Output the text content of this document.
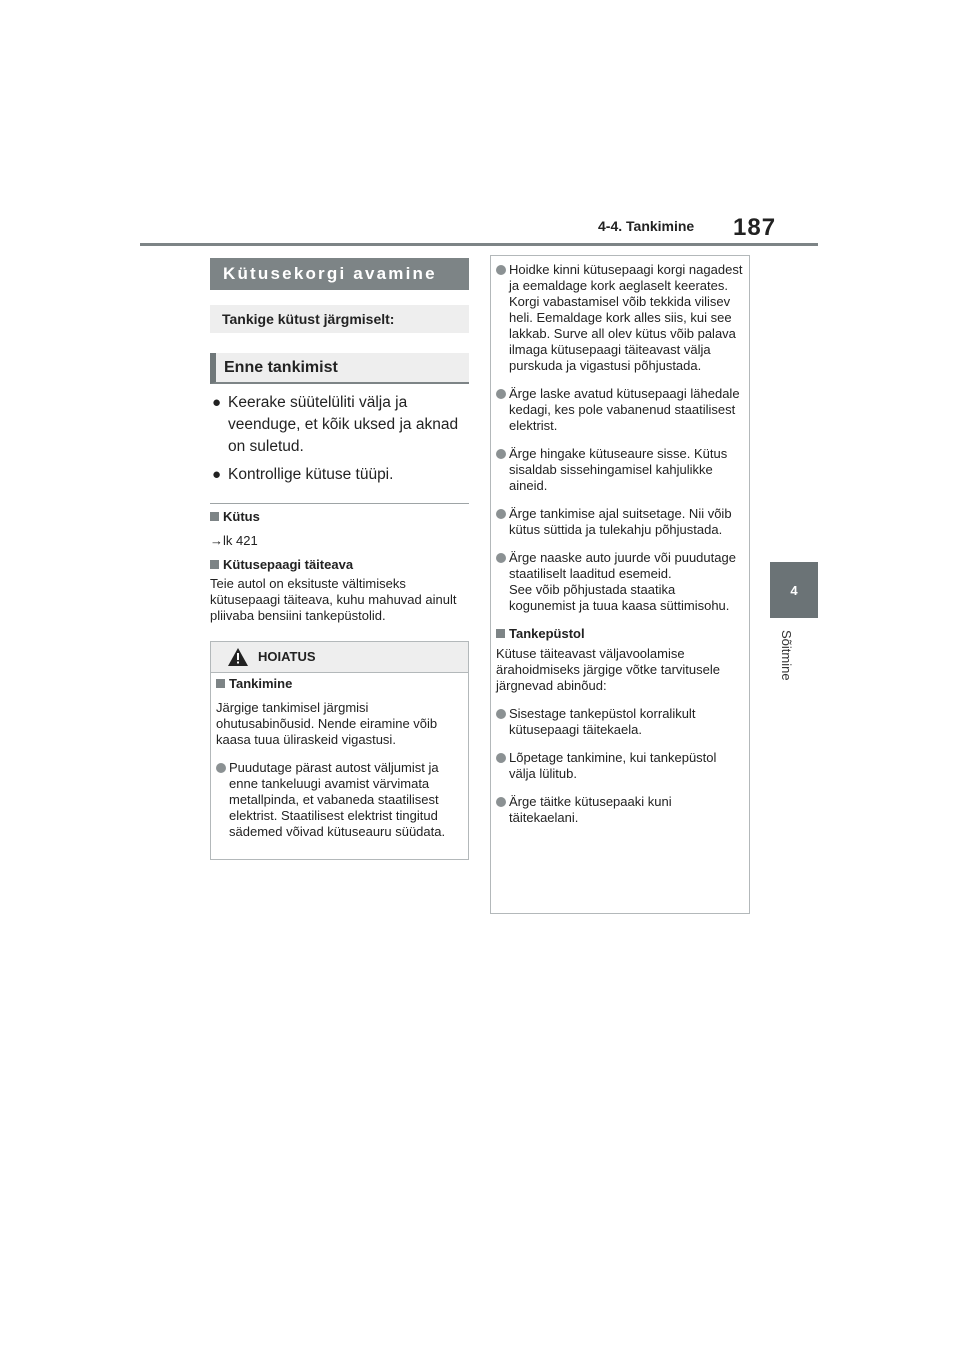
4-4. Tankimine 187
4
Sõitmine
Kütusekorgi avamine
Tankige kütust järgmiselt:
Enne tankimist
● Keerake süütelüliti välja ja veenduge, et kõik uksed ja aknad on suletud.
● Kontrollige kütuse tüüpi.
Kütus
→lk 421
Kütusepaagi täiteava
Teie autol on eksituste vältimiseks kütusepaagi täiteava, kuhu mahuvad ainult pliivaba bensiini tankepüstolid.
HOIATUS
Tankimine
Järgige tankimisel järgmisi ohutusabinõusid. Nende eiramine võib kaasa tuua üliraskeid vigastusi.
Puudutage pärast autost väljumist ja enne tankeluugi avamist värvimata metallpinda, et vabaneda staatilisest elektrist. Staatilisest elektrist tingitud sädemed võivad kütuseauru süüdata.
Hoidke kinni kütusepaagi korgi nagadest ja eemaldage kork aeglaselt keerates.
Korgi vabastamisel võib tekkida vilisev heli. Eemaldage kork alles siis, kui see lakkab. Surve all olev kütus võib palava ilmaga kütusepaagi täiteavast välja purskuda ja vigastusi põhjustada.
Ärge laske avatud kütusepaagi lähedale kedagi, kes pole vabanenud staatilisest elektrist.
Ärge hingake kütuseaure sisse. Kütus sisaldab sissehingamisel kahjulikke aineid.
Ärge tankimise ajal suitsetage. Nii võib kütus süttida ja tulekahju põhjustada.
Ärge naaske auto juurde või puudutage staatiliselt laaditud esemeid.
See võib põhjustada staatika kogunemist ja tuua kaasa süttimisohu.
Tankepüstol
Kütuse täiteavast väljavoolamise ärahoidmiseks järgige võtke tarvitusele järgnevad abinõud:
Sisestage tankepüstol korralikult kütusepaagi täitekaela.
Lõpetage tankimine, kui tankepüstol välja lülitub.
Ärge täitke kütusepaaki kuni täitekaelani.
